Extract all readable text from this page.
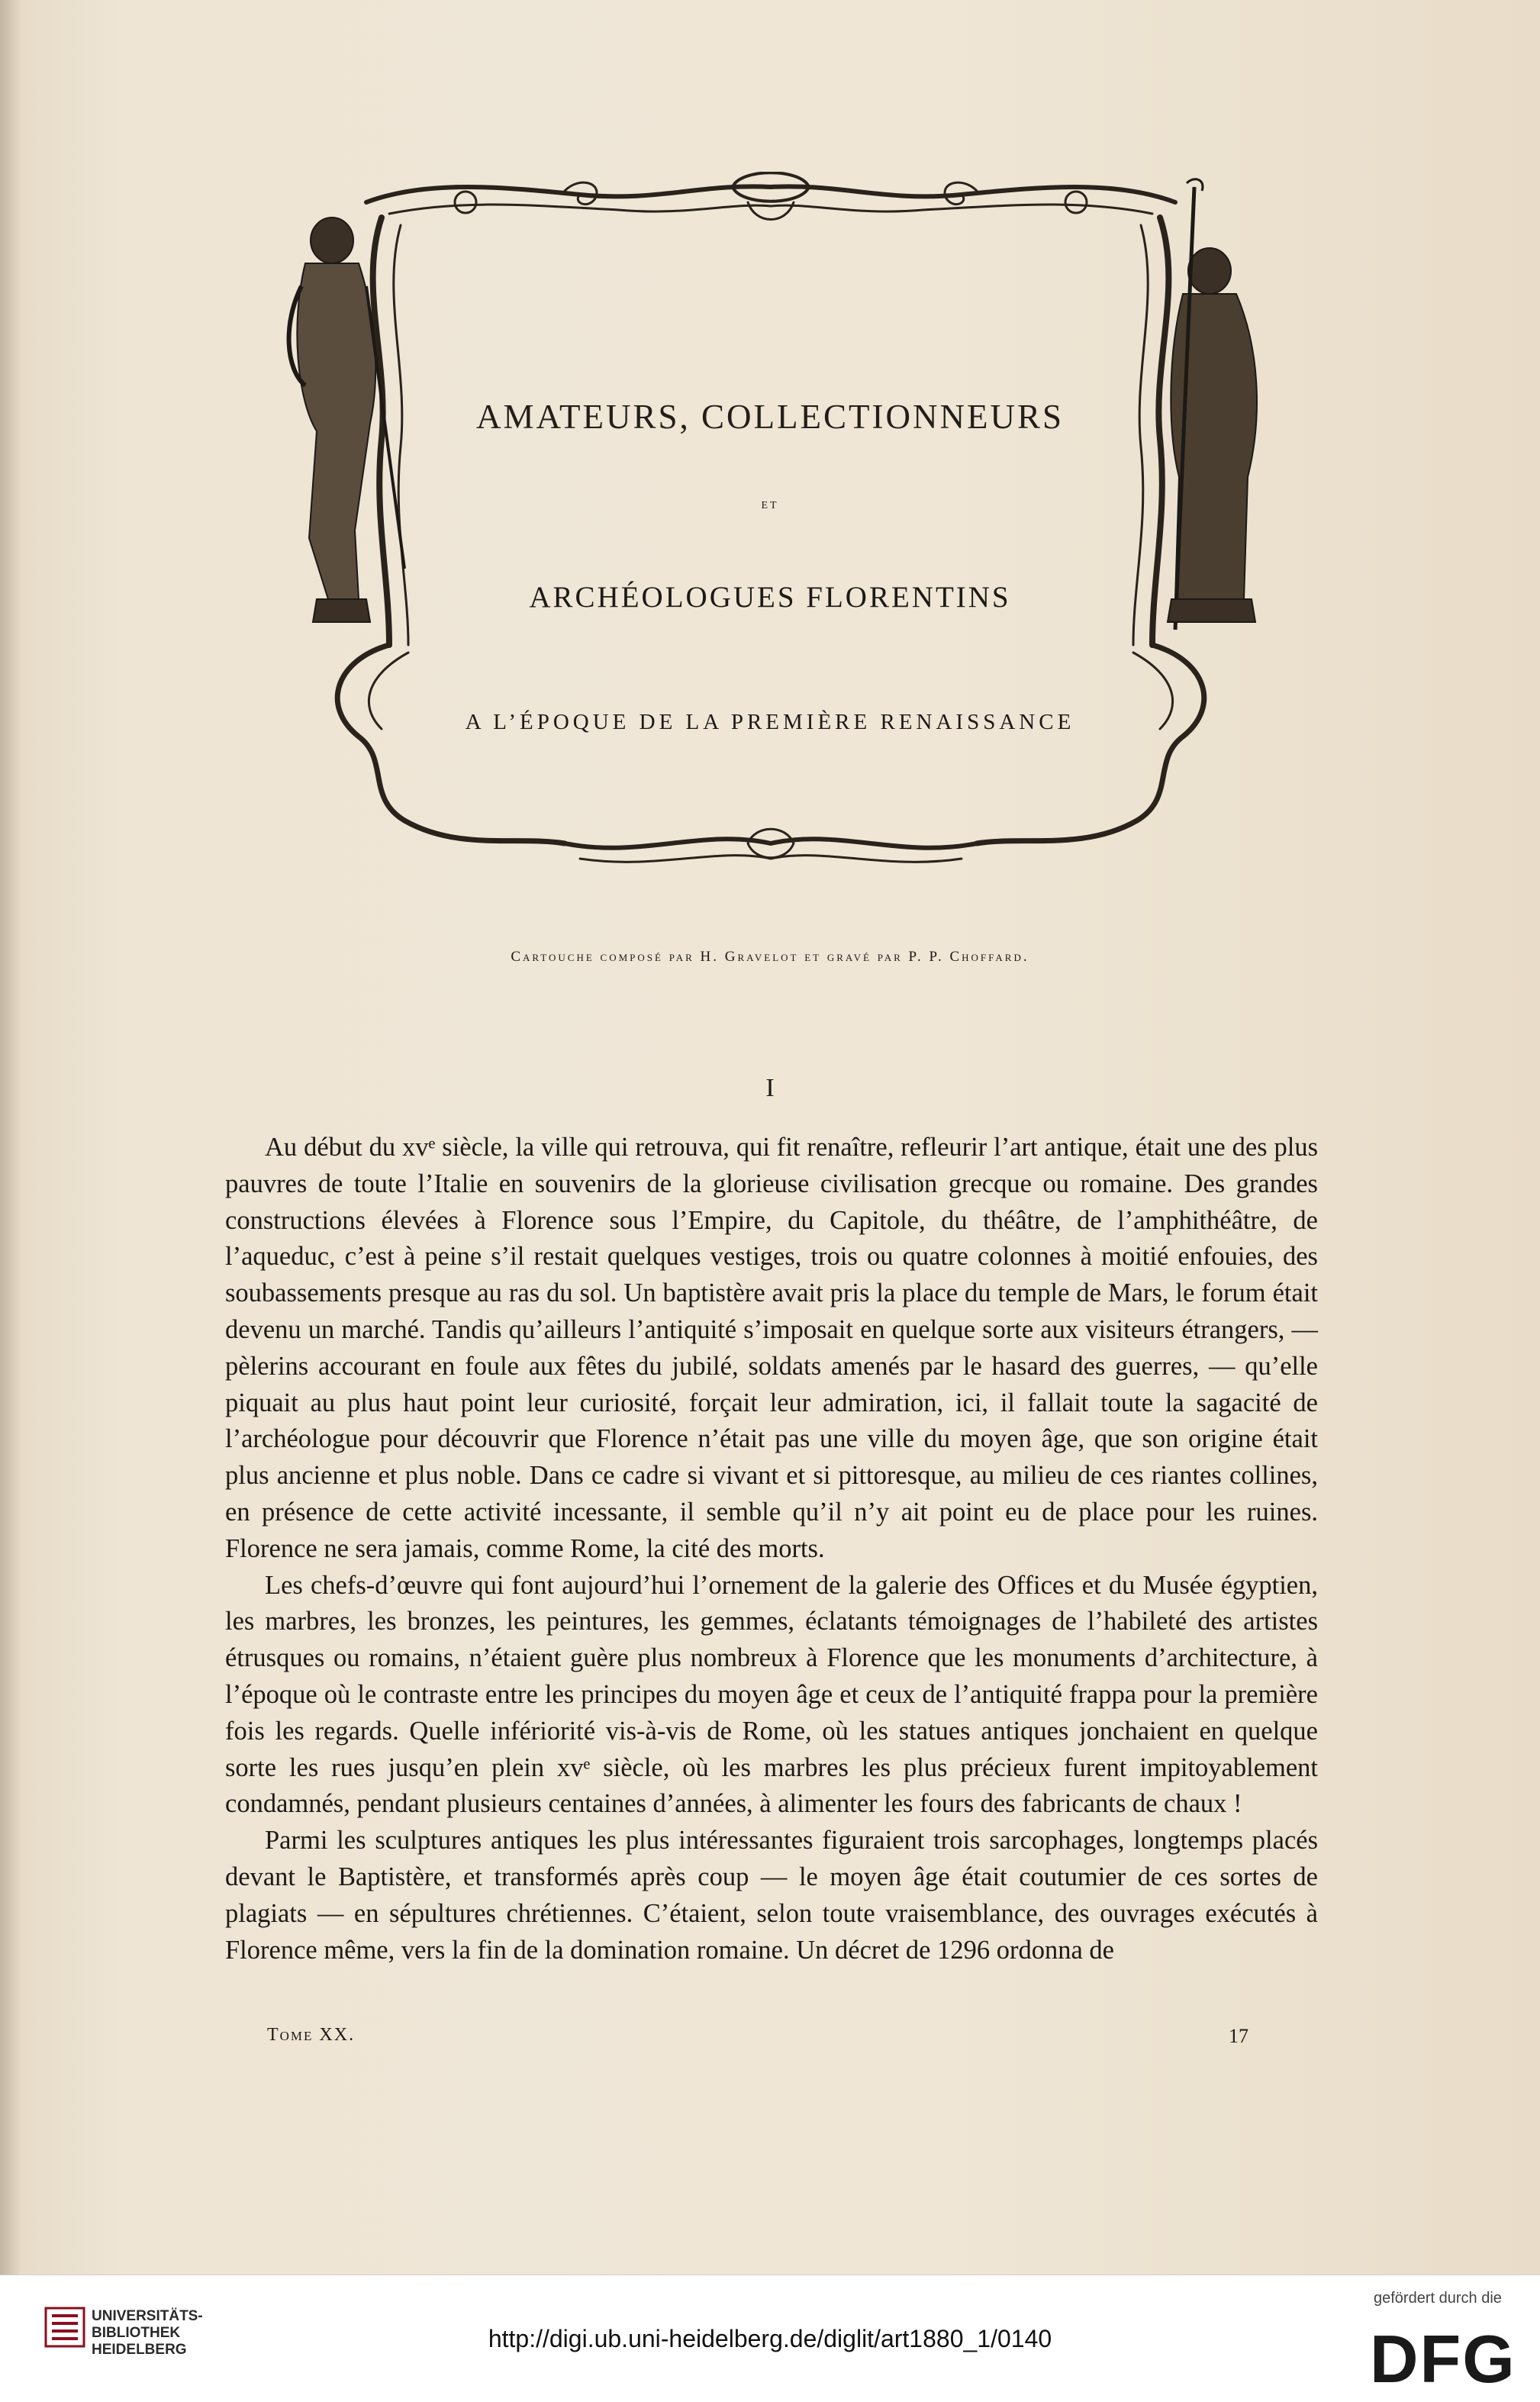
AMATEURS, COLLECTIONNEURS
ET
ARCHÉOLOGUES FLORENTINS
A L’ÉPOQUE DE LA PREMIÈRE RENAISSANCE
Cartouche composé par H. Gravelot et gravé par P. P. Choffard.
I

Au début du xvᵉ siècle, la ville qui retrouva, qui fit renaître, refleurir l’art antique, était une des plus pauvres de toute l’Italie en souvenirs de la glorieuse civilisation grecque ou romaine. Des grandes constructions élevées à Florence sous l’Empire, du Capitole, du théâtre, de l’amphithéâtre, de l’aqueduc, c’est à peine s’il restait quelques vestiges, trois ou quatre colonnes à moitié enfouies, des soubassements presque au ras du sol. Un baptistère avait pris la place du temple de Mars, le forum était devenu un marché. Tandis qu’ailleurs l’antiquité s’imposait en quelque sorte aux visiteurs étrangers, — pèlerins accourant en foule aux fêtes du jubilé, soldats amenés par le hasard des guerres, — qu’elle piquait au plus haut point leur curiosité, forçait leur admiration, ici, il fallait toute la sagacité de l’archéologue pour découvrir que Florence n’était pas une ville du moyen âge, que son origine était plus ancienne et plus noble. Dans ce cadre si vivant et si pittoresque, au milieu de ces riantes collines, en présence de cette activité incessante, il semble qu’il n’y ait point eu de place pour les ruines. Florence ne sera jamais, comme Rome, la cité des morts.

Les chefs-d’œuvre qui font aujourd’hui l’ornement de la galerie des Offices et du Musée égyptien, les marbres, les bronzes, les peintures, les gemmes, éclatants témoignages de l’habileté des artistes étrusques ou romains, n’étaient guère plus nombreux à Florence que les monuments d’architecture, à l’époque où le contraste entre les principes du moyen âge et ceux de l’antiquité frappa pour la première fois les regards. Quelle infériorité vis-à-vis de Rome, où les statues antiques jonchaient en quelque sorte les rues jusqu’en plein xvᵉ siècle, où les marbres les plus précieux furent impitoyablement condamnés, pendant plusieurs centaines d’années, à alimenter les fours des fabricants de chaux !

Parmi les sculptures antiques les plus intéressantes figuraient trois sarcophages, longtemps placés devant le Baptistère, et transformés après coup — le moyen âge était coutumier de ces sortes de plagiats — en sépultures chrétiennes. C’étaient, selon toute vraisemblance, des ouvrages exécutés à Florence même, vers la fin de la domination romaine. Un décret de 1296 ordonna de

Tome XX.	17
UNIVERSITÄTS-
BIBLIOTHEK
HEIDELBERG	http://digi.ub.uni-heidelberg.de/diglit/art1880_1/0140
gefördert durch die
DFG
